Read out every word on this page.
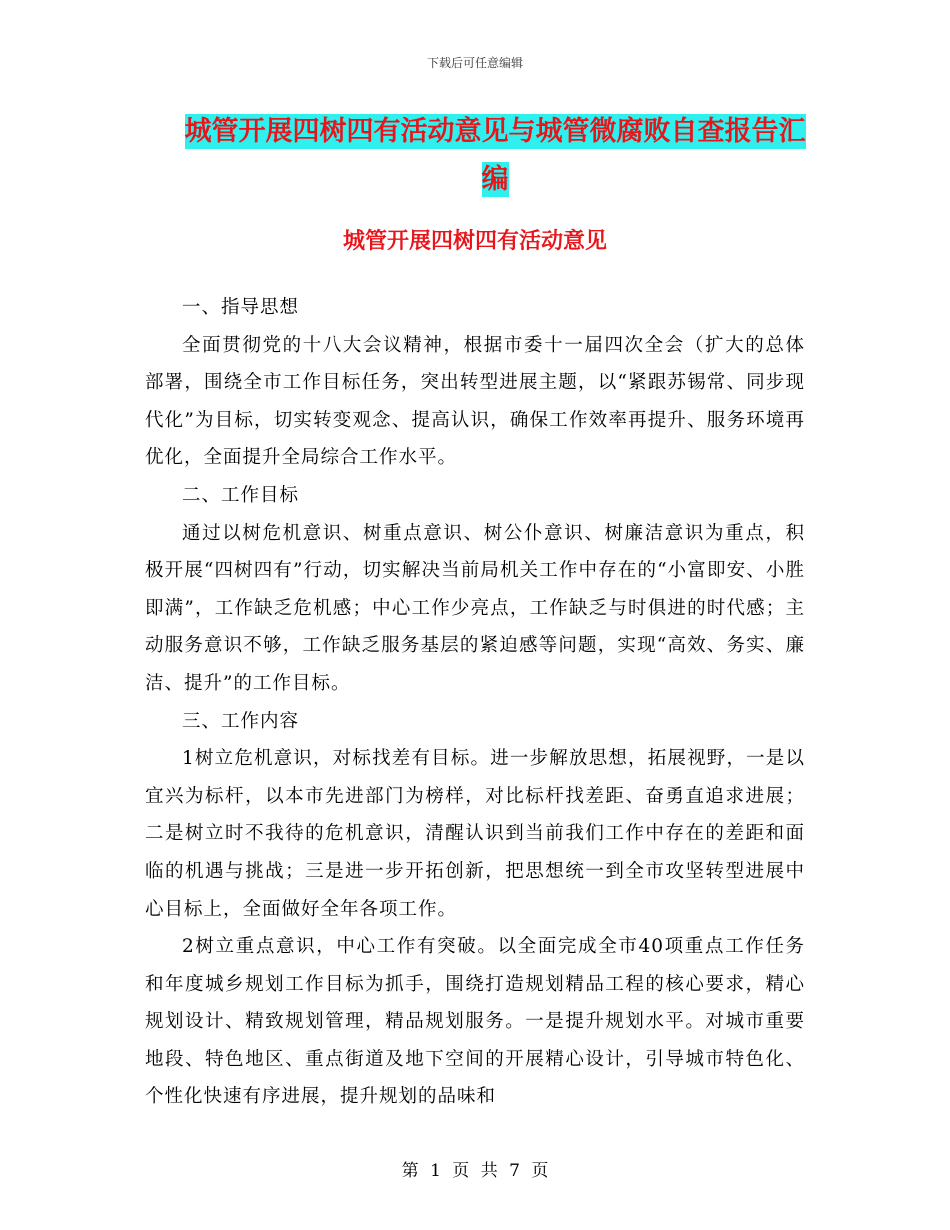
下载后可任意编辑
城管开展四树四有活动意见与城管微腐败自查报告汇
编
城管开展四树四有活动意见

一、指导思想

全面贯彻党的十八大会议精神，根据市委十一届四次全会（扩大的总体部署，围绕全市工作目标任务，突出转型进展主题，以“紧跟苏锡常、同步现代化”为目标，切实转变观念、提高认识，确保工作效率再提升、服务环境再优化，全面提升全局综合工作水平。

二、工作目标

通过以树危机意识、树重点意识、树公仆意识、树廉洁意识为重点，积极开展“四树四有”行动，切实解决当前局机关工作中存在的“小富即安、小胜即满”，工作缺乏危机感；中心工作少亮点，工作缺乏与时俱进的时代感；主动服务意识不够，工作缺乏服务基层的紧迫感等问题，实现“高效、务实、廉洁、提升”的工作目标。

三、工作内容

1树立危机意识，对标找差有目标。进一步解放思想，拓展视野，一是以宜兴为标杆，以本市先进部门为榜样，对比标杆找差距、奋勇直追求进展；二是树立时不我待的危机意识，清醒认识到当前我们工作中存在的差距和面临的机遇与挑战；三是进一步开拓创新，把思想统一到全市攻坚转型进展中心目标上，全面做好全年各项工作。

2树立重点意识，中心工作有突破。以全面完成全市40项重点工作任务和年度城乡规划工作目标为抓手，围绕打造规划精品工程的核心要求，精心规划设计、精致规划管理，精品规划服务。一是提升规划水平。对城市重要地段、特色地区、重点街道及地下空间的开展精心设计，引导城市特色化、个性化快速有序进展，提升规划的品味和

第 1 页 共 7 页
